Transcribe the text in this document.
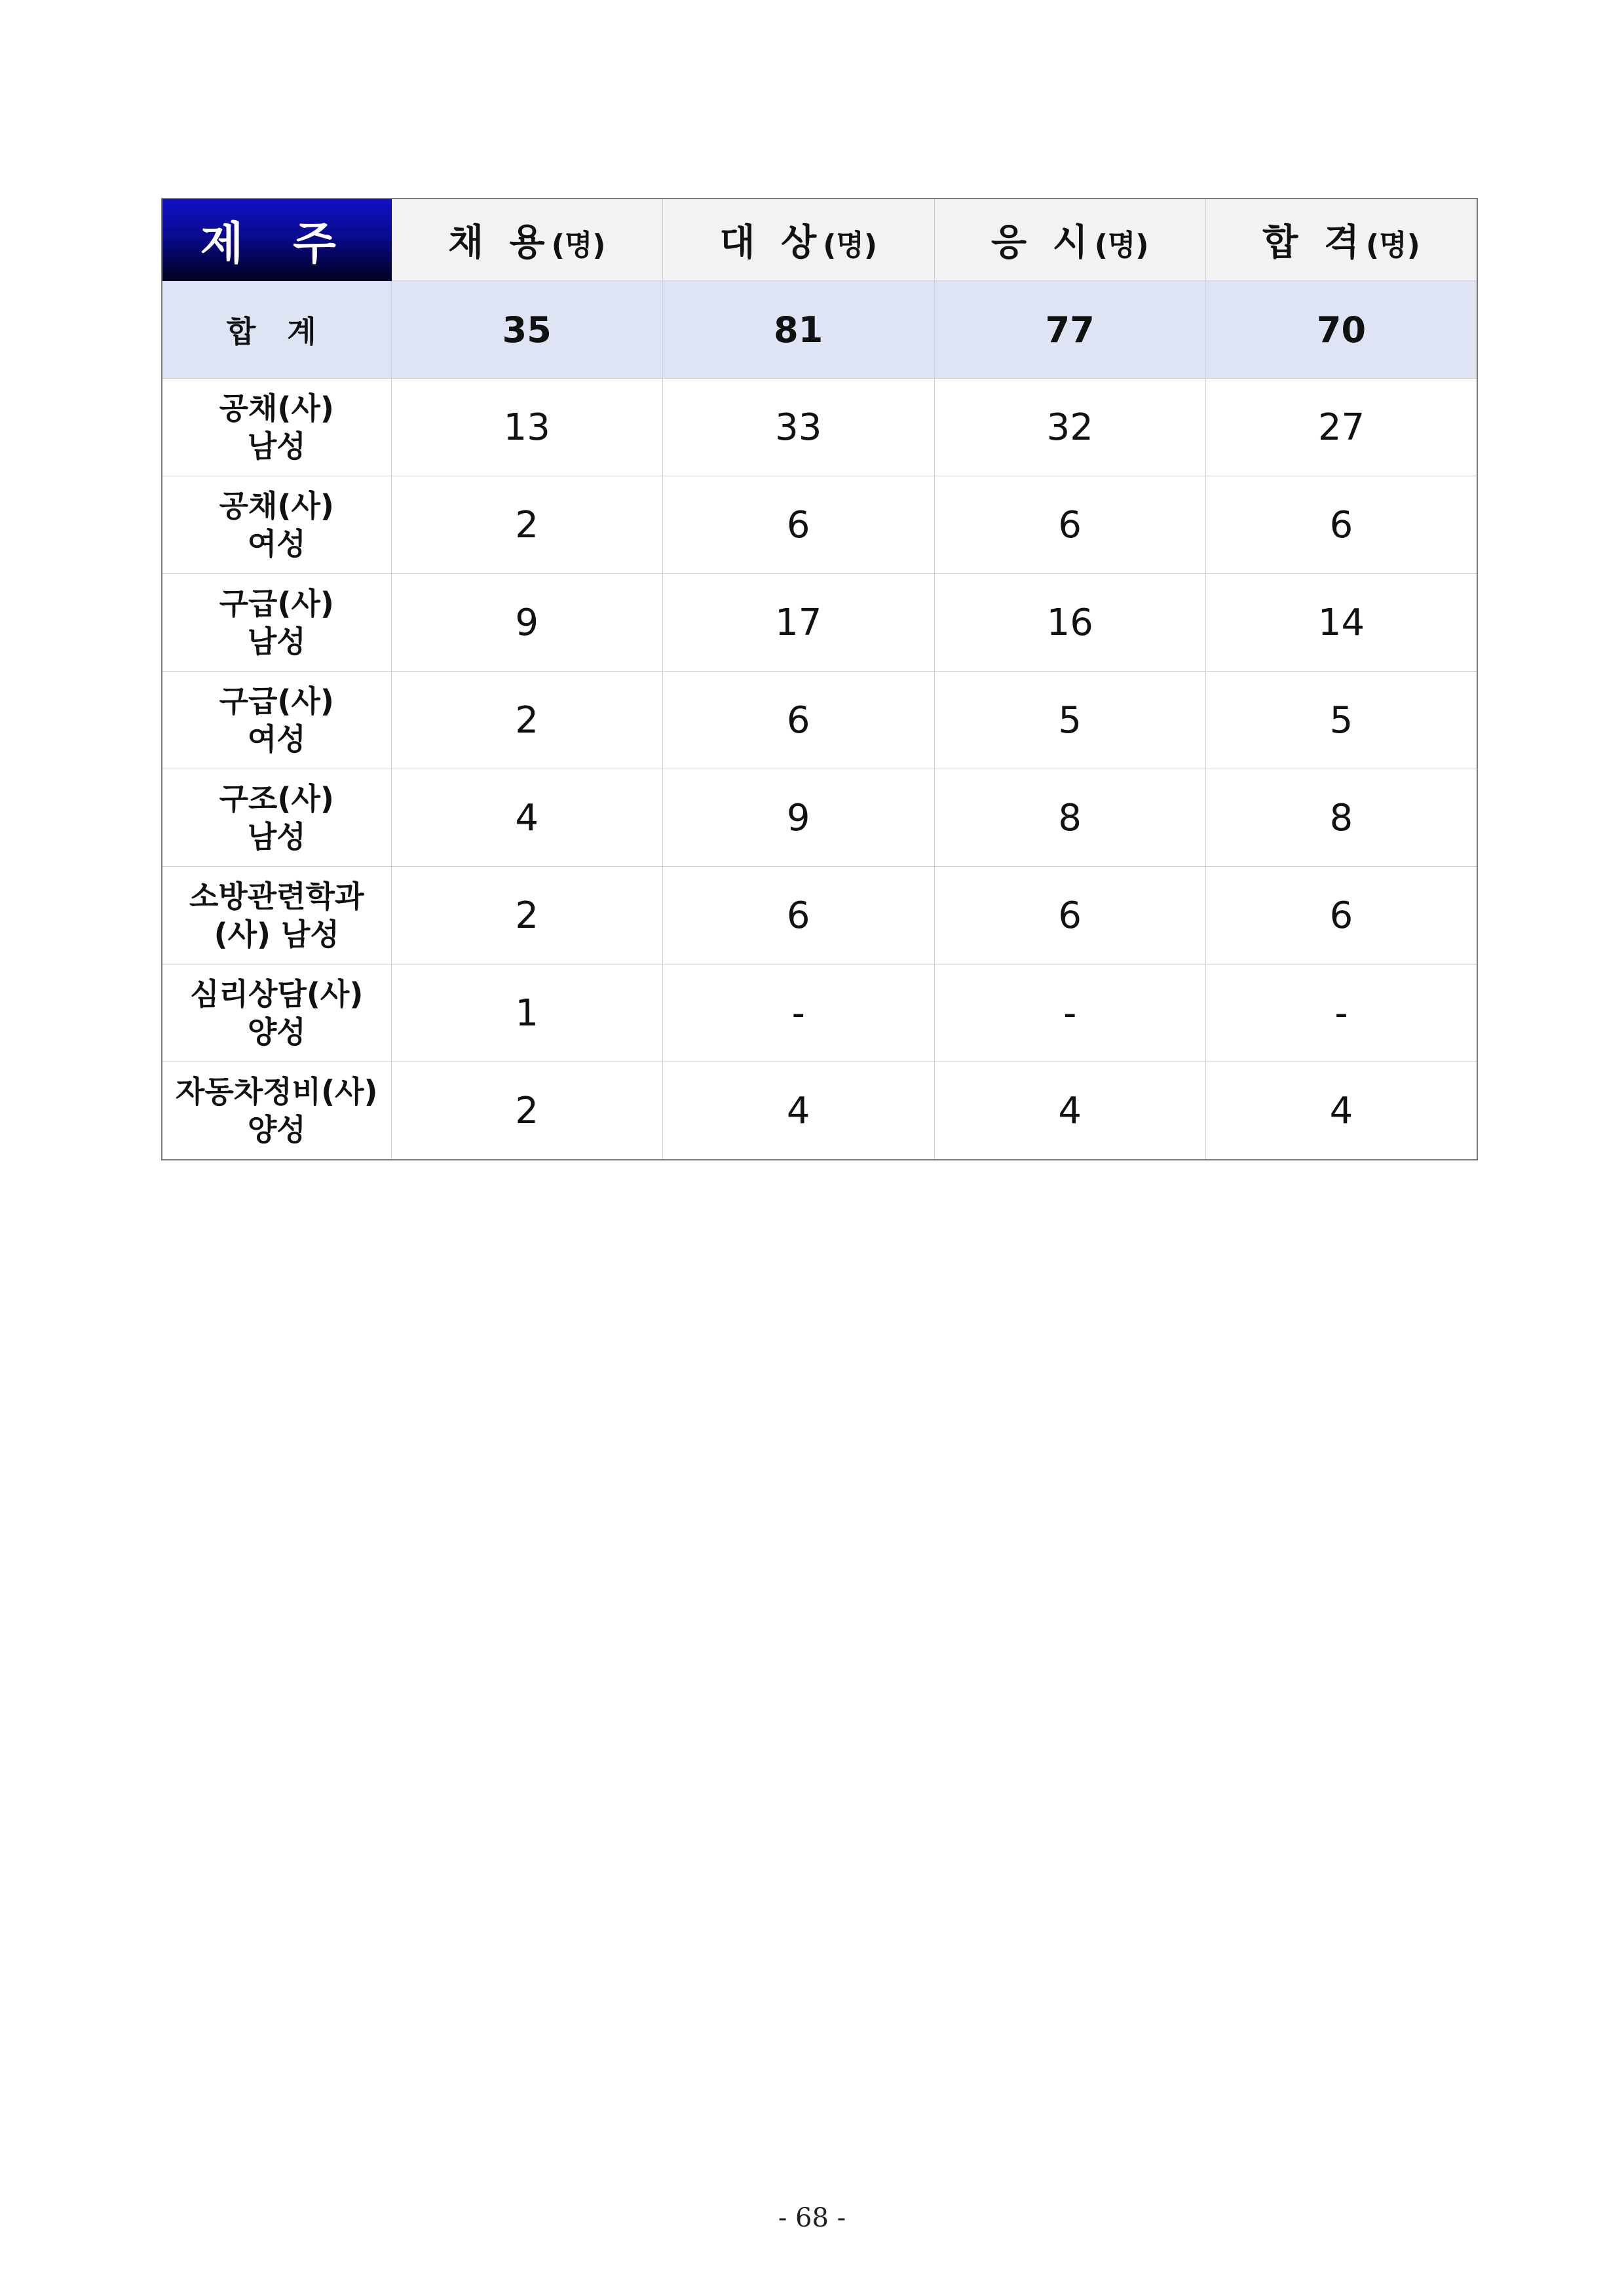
제 주	채 용(명)	대 상(명)	응 시(명)	합 격(명)
합 계	35	81	77	70
공채(사)
남성	13	33	32	27
공채(사)
여성	2	6	6	6
구급(사)
남성	9	17	16	14
구급(사)
여성	2	6	5	5
구조(사)
남성	4	9	8	8
소방관련학과
(사) 남성	2	6	6	6
심리상담(사)
양성	1	-	-	-
자동차정비(사)
양성	2	4	4	4
- 68 -
